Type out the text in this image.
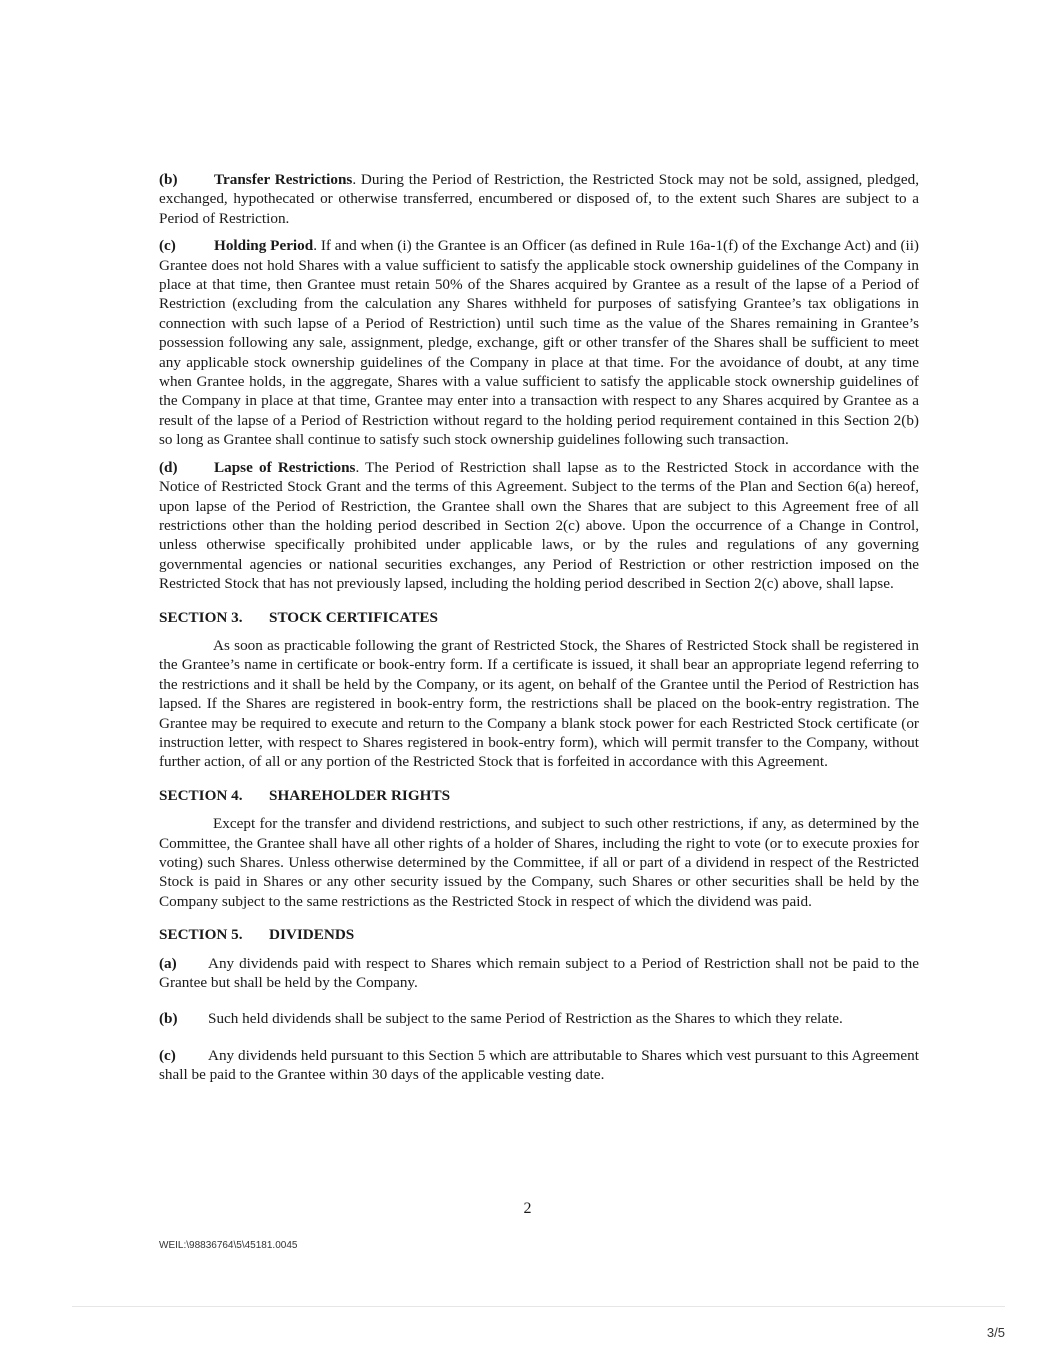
(b) Transfer Restrictions. During the Period of Restriction, the Restricted Stock may not be sold, assigned, pledged, exchanged, hypothecated or otherwise transferred, encumbered or disposed of, to the extent such Shares are subject to a Period of Restriction.

(c)	Holding Period. If and when (i) the Grantee is an Officer (as defined in Rule 16a-1(f) of the Exchange Act) and (ii) Grantee does not hold Shares with a value sufficient to satisfy the applicable stock ownership guidelines of the Company in place at that time, then Grantee must retain 50% of the Shares acquired by Grantee as a result of the lapse of a Period of Restriction (excluding from the calculation any Shares withheld for purposes of satisfying Grantee’s tax obligations in connection with such lapse of a Period of Restriction) until such time as the value of the Shares remaining in Grantee’s possession following any sale, assignment, pledge, exchange, gift or other transfer of the Shares shall be sufficient to meet any applicable stock ownership guidelines of the Company in place at that time. For the avoidance of doubt, at any time when Grantee holds, in the aggregate, Shares with a value sufficient to satisfy the applicable stock ownership guidelines of the Company in place at that time, Grantee may enter into a transaction with respect to any Shares acquired by Grantee as a result of the lapse of a Period of Restriction without regard to the holding period requirement contained in this Section 2(b) so long as Grantee shall continue to satisfy such stock ownership guidelines following such transaction.

(d) Lapse of Restrictions. The Period of Restriction shall lapse as to the Restricted Stock in accordance with the Notice of Restricted Stock Grant and the terms of this Agreement. Subject to the terms of the Plan and Section 6(a) hereof, upon lapse of the Period of Restriction, the Grantee shall own the Shares that are subject to this Agreement free of all restrictions other than the holding period described in Section 2(c) above. Upon the occurrence of a Change in Control, unless otherwise specifically prohibited under applicable laws, or by the rules and regulations of any governing governmental agencies or national securities exchanges, any Period of Restriction or other restriction imposed on the Restricted Stock that has not previously lapsed, including the holding period described in Section 2(c) above, shall lapse.

SECTION 3. STOCK CERTIFICATES

As soon as practicable following the grant of Restricted Stock, the Shares of Restricted Stock shall be registered in the Grantee’s name in certificate or book-entry form. If a certificate is issued, it shall bear an appropriate legend referring to the restrictions and it shall be held by the Company, or its agent, on behalf of the Grantee until the Period of Restriction has lapsed. If the Shares are registered in book-entry form, the restrictions shall be placed on the book-entry registration. The Grantee may be required to execute and return to the Company a blank stock power for each Restricted Stock certificate (or instruction letter, with respect to Shares registered in book-entry form), which will permit transfer to the Company, without further action, of all or any portion of the Restricted Stock that is forfeited in accordance with this Agreement.

SECTION 4. SHAREHOLDER RIGHTS

Except for the transfer and dividend restrictions, and subject to such other restrictions, if any, as determined by the Committee, the Grantee shall have all other rights of a holder of Shares, including the right to vote (or to execute proxies for voting) such Shares. Unless otherwise determined by the Committee, if all or part of a dividend in respect of the Restricted Stock is paid in Shares or any other security issued by the Company, such Shares or other securities shall be held by the Company subject to the same restrictions as the Restricted Stock in respect of which the dividend was paid.

SECTION 5. DIVIDENDS

(a) Any dividends paid with respect to Shares which remain subject to a Period of Restriction shall not be paid to the Grantee but shall be held by the Company.

(b) Such held dividends shall be subject to the same Period of Restriction as the Shares to which they relate.

(c) Any dividends held pursuant to this Section 5 which are attributable to Shares which vest pursuant to this Agreement shall be paid to the Grantee within 30 days of the applicable vesting date.

2
WEIL:\98836764\5\45181.0045
3/5
